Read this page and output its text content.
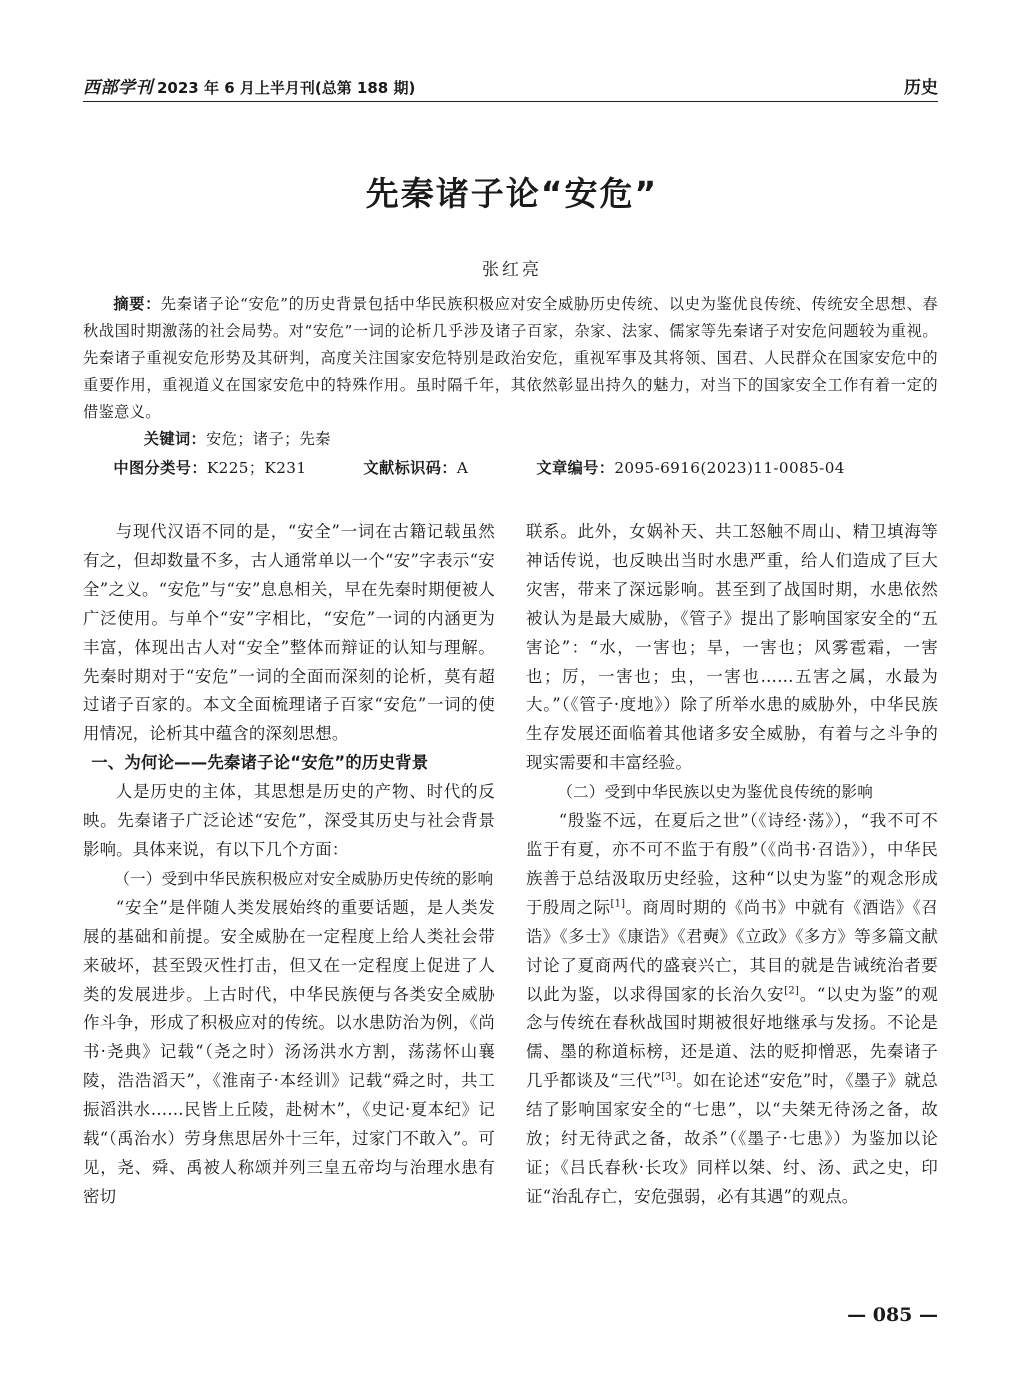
西部学刊 2023 年 6 月上半月刊(总第 188 期)	历史
先秦诸子论“安危”
张红亮

摘要：先秦诸子论“安危”的历史背景包括中华民族积极应对安全威胁历史传统、以史为鉴优良传统、传统安全思想、春秋战国时期激荡的社会局势。对“安危”一词的论析几乎涉及诸子百家，杂家、法家、儒家等先秦诸子对安危问题较为重视。先秦诸子重视安危形势及其研判，高度关注国家安危特别是政治安危，重视军事及其将领、国君、人民群众在国家安危中的重要作用，重视道义在国家安危中的特殊作用。虽时隔千年，其依然彰显出持久的魅力，对当下的国家安全工作有着一定的借鉴意义。

关键词：安危；诸子；先秦

中图分类号：K225；K231	文献标识码：A	文章编号：2095-6916(2023)11-0085-04

与现代汉语不同的是，“安全”一词在古籍记载虽然有之，但却数量不多，古人通常单以一个“安”字表示“安全”之义。“安危”与“安”息息相关，早在先秦时期便被人广泛使用。与单个“安”字相比，“安危”一词的内涵更为丰富，体现出古人对“安全”整体而辩证的认知与理解。先秦时期对于“安危”一词的全面而深刻的论析，莫有超过诸子百家的。本文全面梳理诸子百家“安危”一词的使用情况，论析其中蕴含的深刻思想。

一、为何论——先秦诸子论“安危”的历史背景

人是历史的主体，其思想是历史的产物、时代的反映。先秦诸子广泛论述“安危”，深受其历史与社会背景影响。具体来说，有以下几个方面：

（一）受到中华民族积极应对安全威胁历史传统的影响

“安全”是伴随人类发展始终的重要话题，是人类发展的基础和前提。安全威胁在一定程度上给人类社会带来破坏，甚至毁灭性打击，但又在一定程度上促进了人类的发展进步。上古时代，中华民族便与各类安全威胁作斗争，形成了积极应对的传统。以水患防治为例，《尚书·尧典》记载“（尧之时）汤汤洪水方割，荡荡怀山襄陵，浩浩滔天”，《淮南子·本经训》记载“舜之时，共工振滔洪水……民皆上丘陵，赴树木”，《史记·夏本纪》记载“（禹治水）劳身焦思居外十三年，过家门不敢入”。可见，尧、舜、禹被人称颂并列三皇五帝均与治理水患有密切

联系。此外，女娲补天、共工怒触不周山、精卫填海等神话传说，也反映出当时水患严重，给人们造成了巨大灾害，带来了深远影响。甚至到了战国时期，水患依然被认为是最大威胁，《管子》提出了影响国家安全的“五害论”：“水，一害也；旱，一害也；风雾雹霜，一害也；厉，一害也；虫，一害也……五害之属，水最为大。”（《管子·度地》）除了所举水患的威胁外，中华民族生存发展还面临着其他诸多安全威胁，有着与之斗争的现实需要和丰富经验。

（二）受到中华民族以史为鉴优良传统的影响

“殷鉴不远，在夏后之世”（《诗经·荡》），“我不可不监于有夏，亦不可不监于有殷”（《尚书·召诰》），中华民族善于总结汲取历史经验，这种“以史为鉴”的观念形成于殷周之际[1]。商周时期的《尚书》中就有《酒诰》《召诰》《多士》《康诰》《君奭》《立政》《多方》等多篇文献讨论了夏商两代的盛衰兴亡，其目的就是告诫统治者要以此为鉴，以求得国家的长治久安[2]。“以史为鉴”的观念与传统在春秋战国时期被很好地继承与发扬。不论是儒、墨的称道标榜，还是道、法的贬抑憎恶，先秦诸子几乎都谈及“三代”[3]。如在论述“安危”时，《墨子》就总结了影响国家安全的“七患”，以“夫桀无待汤之备，故放；纣无待武之备，故杀”（《墨子·七患》）为鉴加以论证；《吕氏春秋·长攻》同样以桀、纣、汤、武之史，印证“治乱存亡，安危强弱，必有其遇”的观点。

— 085 —
